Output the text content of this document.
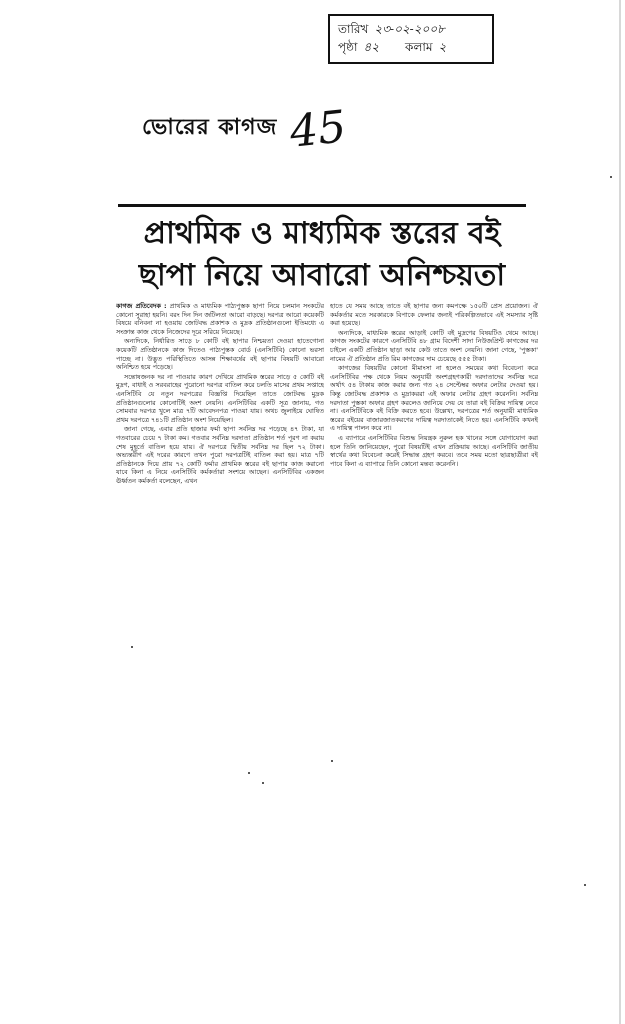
তারিখ ২৩-০২-২০০৮
পৃষ্ঠা ৪২ কলাম ২
ভোরের কাগজ 45
প্রাথমিক ও মাধ্যমিক স্তরের বই
ছাপা নিয়ে আবারো অনিশ্চয়তা

কাগজ প্রতিবেদক : প্রাথমিক ও মাধ্যমিক পাঠ্যপুস্তক ছাপা নিয়ে চলমান সংকটের কোনো সুরাহা হয়নি। বরং দিন দিন জটিলতা আরো বাড়ছে। দরপত্র আরো কয়েকটি বিষয়ে বনিবনা না হওয়ায় জোটবদ্ধ প্রকাশক ও মুদ্রক প্রতিষ্ঠানগুলো ইতিমধ্যে এ সংক্রান্ত কাজ থেকে নিজেদের দূরে সরিয়ে নিয়েছে।

অন্যদিকে, নির্ধারিত সাড়ে ৮ কোটি বই ছাপার নিশ্চয়তা দেওয়া হাতেগোনা কয়েকটি প্রতিষ্ঠানকে কাজ দিতেও পাঠ্যপুস্তক বোর্ড (এনসিটিবি) কোনো ভরসা পাচ্ছে না। উদ্ভূত পরিস্থিতিতে আসন্ন শিক্ষাবর্ষের বই ছাপার বিষয়টি আবারো অনিশ্চিত হয়ে পড়েছে।

সন্তোষজনক দর না পাওয়ার কারণ দেখিয়ে প্রাথমিক স্তরের সাড়ে ৫ কোটি বই মুদ্রণ, বাধাই ও সরবরাহের পুরোনো দরপত্র বাতিল করে চলতি মাসের প্রথম সপ্তাহে এনসিটিবি যে নতুন দরপত্রের বিজ্ঞপ্তি দিয়েছিল তাতে জোটবদ্ধ মুদ্রক প্রতিষ্ঠানগুলোর কোনোটিই অংশ নেয়নি। এনসিটিবির একটি সূত্র জানায়, গত সোমবার দরপত্র খুলে মাত্র ৭টি আবেদনপত্র পাওয়া যায়। অথচ জুলাইয়ে ঘোষিত প্রথম দরপত্রে ৭৪১টি প্রতিষ্ঠান অংশ নিয়েছিল।

জানা গেছে, এবার প্রতি হাজার ফর্মা ছাপা সর্বনিম্ন দর পড়েছে ৪৭ টাকা, যা গতবারের চেয়ে ৭ টাকা কম। গতবার সর্বনিম্ন দরদাতা প্রতিষ্ঠান শর্ত পূরণ না করায় শেষ মুহূর্তে বাতিল হয়ে যায়। ঐ দরপত্রে দ্বিতীয় সর্বনিম্ন দর ছিল ৭২ টাকা। অভ্যন্তরীণ এই দরের কারণে তখন পুরো দরপত্রটিই বাতিল করা হয়। মাত্র ৭টি প্রতিষ্ঠানকে দিয়ে প্রায় ৭২ কোটি ফর্মার প্রাথমিক স্তরের বই ছাপার কাজ করানো যাবে কিনা এ নিয়ে এনসিটিবি কর্মকর্তারা সংশয়ে আছেন। এনসিটিবির একজন ঊর্ধ্বতন কর্মকর্তা বলেছেন, এখন

হাতে যে সময় আছে তাতে বই ছাপার জন্য কমপক্ষে ১৫০টি প্রেস প্রয়োজন। ঐ কর্মকর্তার মতে সরকারকে বিপাকে ফেলার জন্যই পরিকল্পিতভাবে এই সমস্যার সৃষ্টি করা হয়েছে।

অন্যদিকে, মাধ্যমিক স্তরের আড়াই কোটি বই মুদ্রণের বিষয়টিও থেমে আছে। কাগজ সংকটের কারণে এনসিটিবি ৪৮ গ্রাম বিদেশী সাদা নিউজপ্রিন্ট কাগজের দর চাইলে একটি প্রতিষ্ঠান ছাড়া আর কেউ তাতে অংশ নেয়নি। জানা গেছে, 'পুস্তকা' নামের ঐ প্রতিষ্ঠান প্রতি রিম কাগজের দাম চেয়েছে ৫৫৫ টাকা।

কাগজের বিষয়টির কোনো মীমাংসা না হলেও সময়ের কথা বিবেচনা করে এনসিটিবির পক্ষ থেকে নিয়ম অনুযায়ী অংশগ্রহণকারী দরদাতাদের সর্বনিম্ন দরে অর্থাৎ ৫৪ টাকায় কাজ করার জন্য গত ২৪ সেপ্টেম্বর অফার লেটার দেওয়া হয়। কিন্তু জোটবদ্ধ প্রকাশক ও মুদ্রাকররা এই অফার লেটার গ্রহণ করেননি। সর্বনিম্ন দরদাতা পুস্তকা অফার গ্রহণ করলেও জানিয়ে দেয় যে তারা বই বিক্রির দায়িত্ব নেবে না। এনসিটিবিকে বই বিক্রি করতে হবে। উল্লেখ্য, দরপত্রের শর্ত অনুযায়ী মাধ্যমিক স্তরের বইয়ের বাজারজাতকরণের দায়িত্ব দরদাতাকেই নিতে হয়। এনসিটিবি কখনই এ দায়িত্ব পালন করে না।

এ ব্যাপারে এনসিটিবির বিশুদ্ধ নিয়ন্ত্রক নুরুল হক খানের সঙ্গে যোগাযোগ করা হলে তিনি জানিয়েছেন, পুরো বিষয়টিই এখন প্রক্রিয়ায় আছে। এনসিটিবি জাতীয় স্বার্থের কথা বিবেচনা করেই সিদ্ধান্ত গ্রহণ করবে। তবে সময় মতো ছাত্রছাত্রীরা বই পাবে কিনা এ ব্যাপারে তিনি কোনো মন্তব্য করেননি।
